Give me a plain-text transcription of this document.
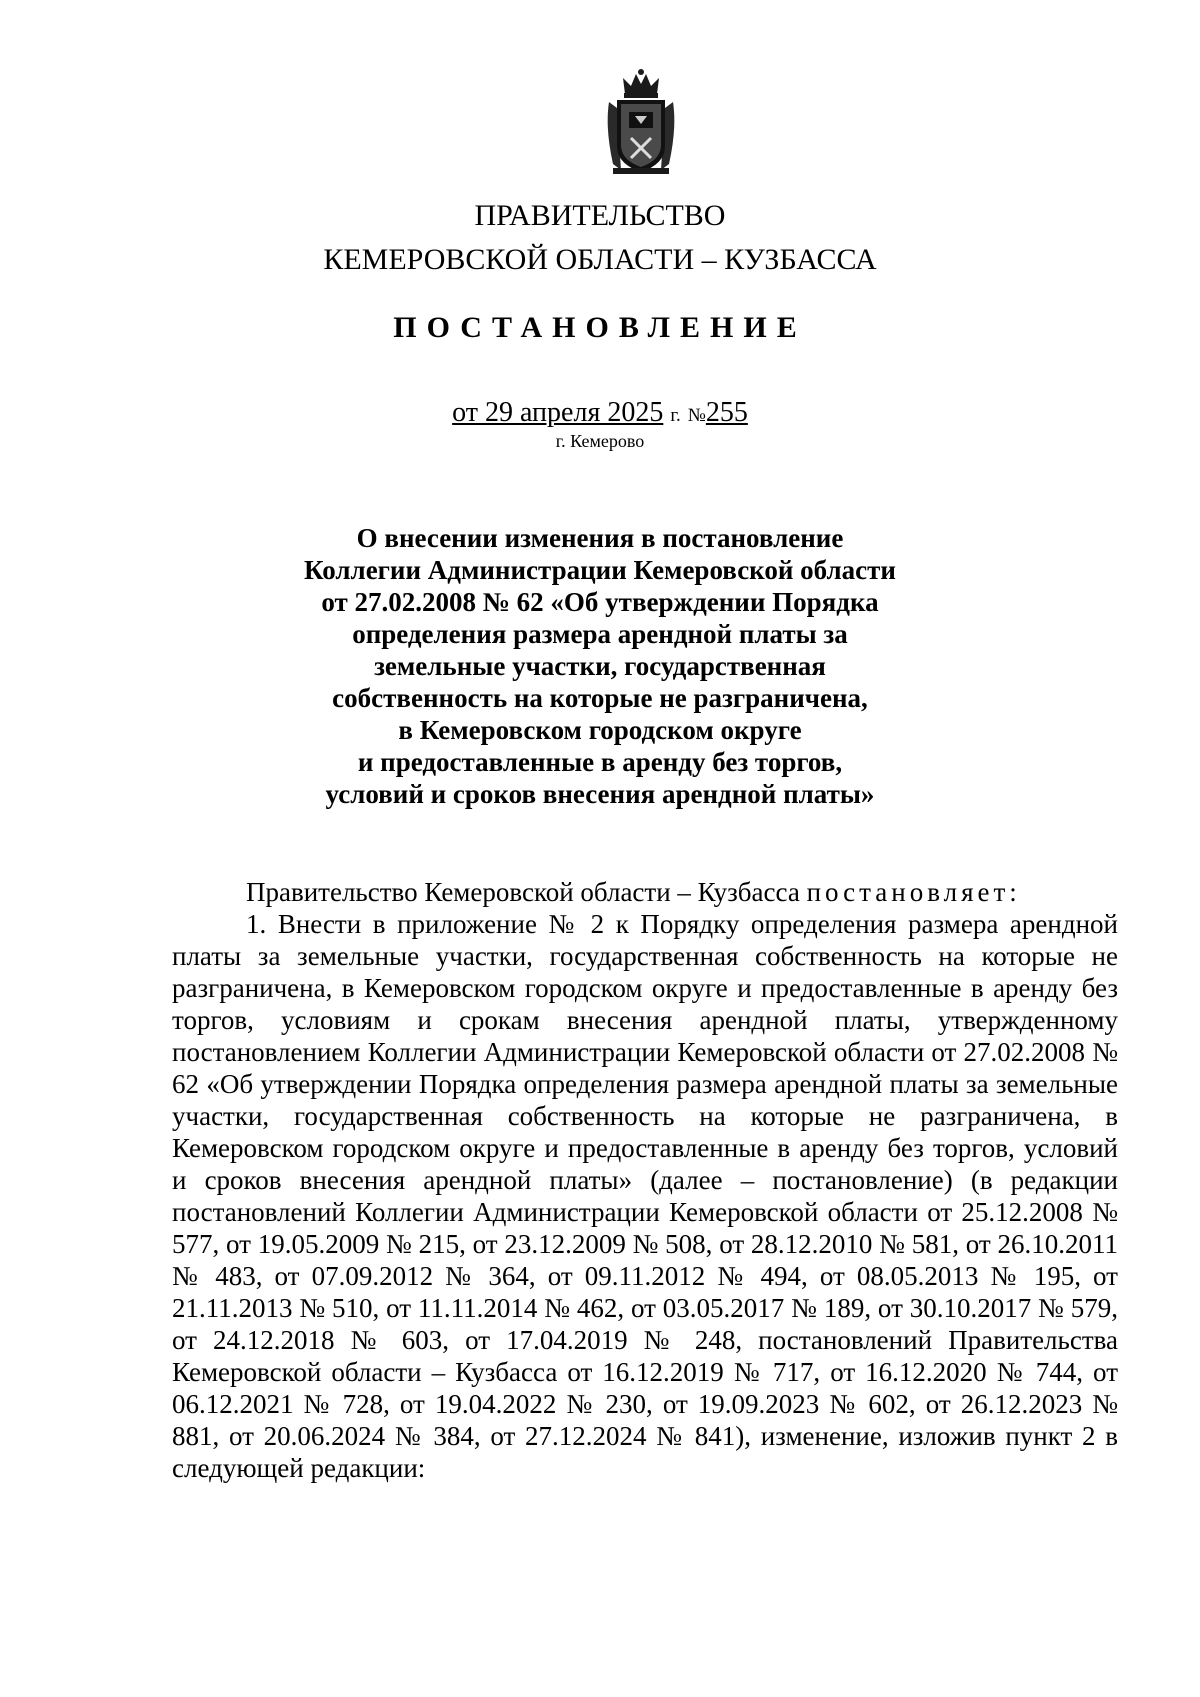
ПРАВИТЕЛЬСТВО
КЕМЕРОВСКОЙ ОБЛАСТИ – КУЗБАССА
ПОСТАНОВЛЕНИЕ
от 29 апреля 2025 г. №255
г. Кемерово
О внесении изменения в постановление
Коллегии Администрации Кемеровской области
от 27.02.2008 № 62 «Об утверждении Порядка
определения размера арендной платы за
земельные участки, государственная
собственность на которые не разграничена,
в Кемеровском городском округе
и предоставленные в аренду без торгов,
условий и сроков внесения арендной платы»

Правительство Кемеровской области – Кузбасса постановляет:

1. Внести в приложение № 2 к Порядку определения размера арендной платы за земельные участки, государственная собственность на которые не разграничена, в Кемеровском городском округе и предоставленные в аренду без торгов, условиям и срокам внесения арендной платы, утвержденному постановлением Коллегии Администрации Кемеровской области от 27.02.2008 № 62 «Об утверждении Порядка определения размера арендной платы за земельные участки, государственная собственность на которые не разграничена, в Кемеровском городском округе и предоставленные в аренду без торгов, условий и сроков внесения арендной платы» (далее – постановление) (в редакции постановлений Коллегии Администрации Кемеровской области от 25.12.2008 № 577, от 19.05.2009 № 215, от 23.12.2009 № 508, от 28.12.2010 № 581, от 26.10.2011 № 483, от 07.09.2012 № 364, от 09.11.2012 № 494, от 08.05.2013 № 195, от 21.11.2013 № 510, от 11.11.2014 № 462, от 03.05.2017 № 189, от 30.10.2017 № 579, от 24.12.2018 № 603, от 17.04.2019 № 248, постановлений Правительства Кемеровской области – Кузбасса от 16.12.2019 № 717, от 16.12.2020 № 744, от 06.12.2021 № 728, от 19.04.2022 № 230, от 19.09.2023 № 602, от 26.12.2023 № 881, от 20.06.2024 № 384, от 27.12.2024 № 841), изменение, изложив пункт 2 в следующей редакции:
